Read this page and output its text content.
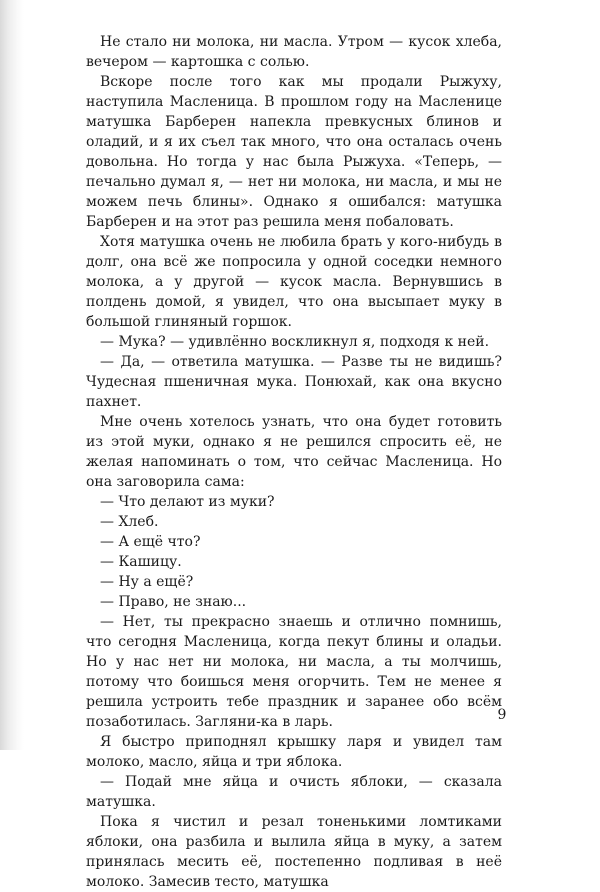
Не стало ни молока, ни масла. Утром — кусок хлеба, вечером — картошка с солью.

Вскоре после того как мы продали Рыжуху, наступила Масленица. В прошлом году на Масленице матушка Барберен напекла превкусных блинов и оладий, и я их съел так много, что она осталась очень довольна. Но тогда у нас была Рыжуха. «Теперь, — печально думал я, — нет ни молока, ни масла, и мы не можем печь блины». Однако я ошибался: матушка Барберен и на этот раз решила меня побаловать.

Хотя матушка очень не любила брать у кого-нибудь в долг, она всё же попросила у одной соседки немного молока, а у другой — кусок масла. Вернувшись в полдень домой, я увидел, что она высыпает муку в большой глиняный горшок.

— Мука? — удивлённо воскликнул я, подходя к ней.

— Да, — ответила матушка. — Разве ты не видишь? Чудесная пшеничная мука. Понюхай, как она вкусно пахнет.

Мне очень хотелось узнать, что она будет готовить из этой муки, однако я не решился спросить её, не желая напоминать о том, что сейчас Масленица. Но она заговорила сама:

— Что делают из муки?

— Хлеб.

— А ещё что?

— Кашицу.

— Ну а ещё?

— Право, не знаю...

— Нет, ты прекрасно знаешь и отлично помнишь, что сегодня Масленица, когда пекут блины и оладьи. Но у нас нет ни молока, ни масла, а ты молчишь, потому что боишься меня огорчить. Тем не менее я решила устроить тебе праздник и заранее обо всём позаботилась. Загляни-ка в ларь.

Я быстро приподнял крышку ларя и увидел там молоко, масло, яйца и три яблока.

— Подай мне яйца и очисть яблоки, — сказала матушка.

Пока я чистил и резал тоненькими ломтиками яблоки, она разбила и вылила яйца в муку, а затем принялась месить её, постепенно подливая в неё молоко. Замесив тесто, матушка

9
